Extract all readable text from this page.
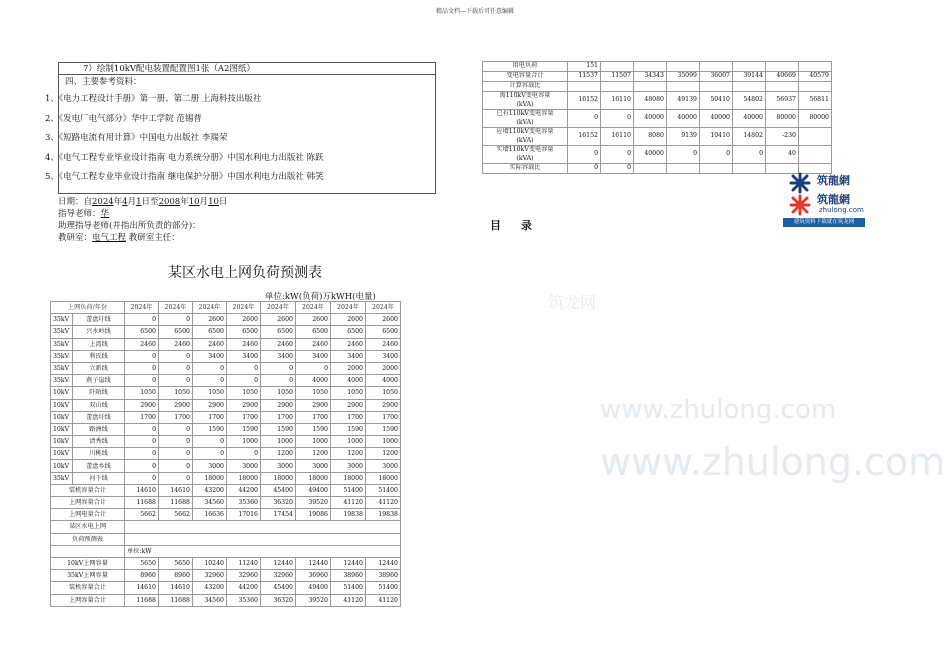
精品文档---下载后可任意编辑
筑龙网
www.zhulong.com
www.zhulong.com
7）绘制10kV配电装置配置图1张（A2图纸）
四、主要参考资料：
1、《电力工程设计手册》第一册、第二册 上海科技出版社
2、《发电厂电气部分》华中工学院 范锡普
3、《短路电流有用计算》中国电力出版社 李瑞荣
4、《电气工程专业毕业设计指南 电力系统分册》中国水利电力出版社 陈跃
5、《电气工程专业毕业设计指南 继电保护分册》中国水利电力出版社 韩笑
日期：自2024年4月1日至2008年10月10日
指导老师：华
助理指导老师(并指出所负责的部分)：
教研室：电气工程 教研室主任：
某区水电上网负荷预测表
单位:kW(负荷)万kWH(电量)
上网负荷/年份		2024年	2024年	2024年	2024年	2024年	2024年	2024年	2024年
35kV	蕾盘圩线	0	0	2600	2600	2600	2600	2600	2600
35kV	兴水岭线	6500	6500	6500	6500	6500	6500	6500	6500
35kV	上湾线	2460	2460	2460	2460	2460	2460	2460	2460
35kV	利氏线	0	0	3400	3400	3400	3400	3400	3400
35kV	立新线	0	0	0	0	0	0	2000	2000
35kV	燕子崖线	0	0	0	0	0	4000	4000	4000
10kV	阡陌线	1050	1050	1050	1050	1050	1050	1050	1050
10kV	双山线	2900	2900	2900	2900	2900	2900	2900	2900
10kV	蕾盘圩线	1700	1700	1700	1700	1700	1700	1700	1700
10kV	路洲线	0	0	1590	1590	1590	1590	1590	1590
10kV	清秀线	0	0	0	1000	1000	1000	1000	1000
10kV	川桃线	0	0	0	0	1200	1200	1200	1200
10kV	蕾盘乡线	0	0	3000	3000	3000	3000	3000	3000
35kV	河下线	0	0	18000	18000	18000	18000	18000	18000
装机容量合计		14610	14610	43200	44200	45400	49400	51400	51400
上网容量合计		11688	11688	34560	35360	36320	39520	41120	41120
上网电量合计		5662	5662	16636	17016	17454	19086	19838	19838
某区水电上网									
负荷预测表									
		单位:kW							
10kV上网容量		5650	5650	10240	11240	12440	12440	12440	12440
35kV上网容量		8960	8960	32960	32960	32960	36960	38960	38960
装机容量合计		14610	14610	43200	44200	45400	49400	51400	51400
上网容量合计		11688	11688	34560	35360	36320	39520	41120	41120
用电负荷	151							

变电容量合计	11537	11507	34343	35099	36007	39144	40669	40579

计算容载比								

需110kV变电容量
(kVA)	16152	16110	48080	49139	50410	54802	56937	56811

已有110kV变电容量
(kVA)	0	0	40000	40000	40000	40000	80000	80000

应增110kV变电容量
(kVA)	16152	16110	8080	9139	10410	14802	-230	

实增110kV变电容量
(kVA)	0	0	40000	0	0	0	40	

实际容载比	0	0						
目 录
筑龍網
筑龍網
zhulong.com
建筑资料下载就在筑龙网
